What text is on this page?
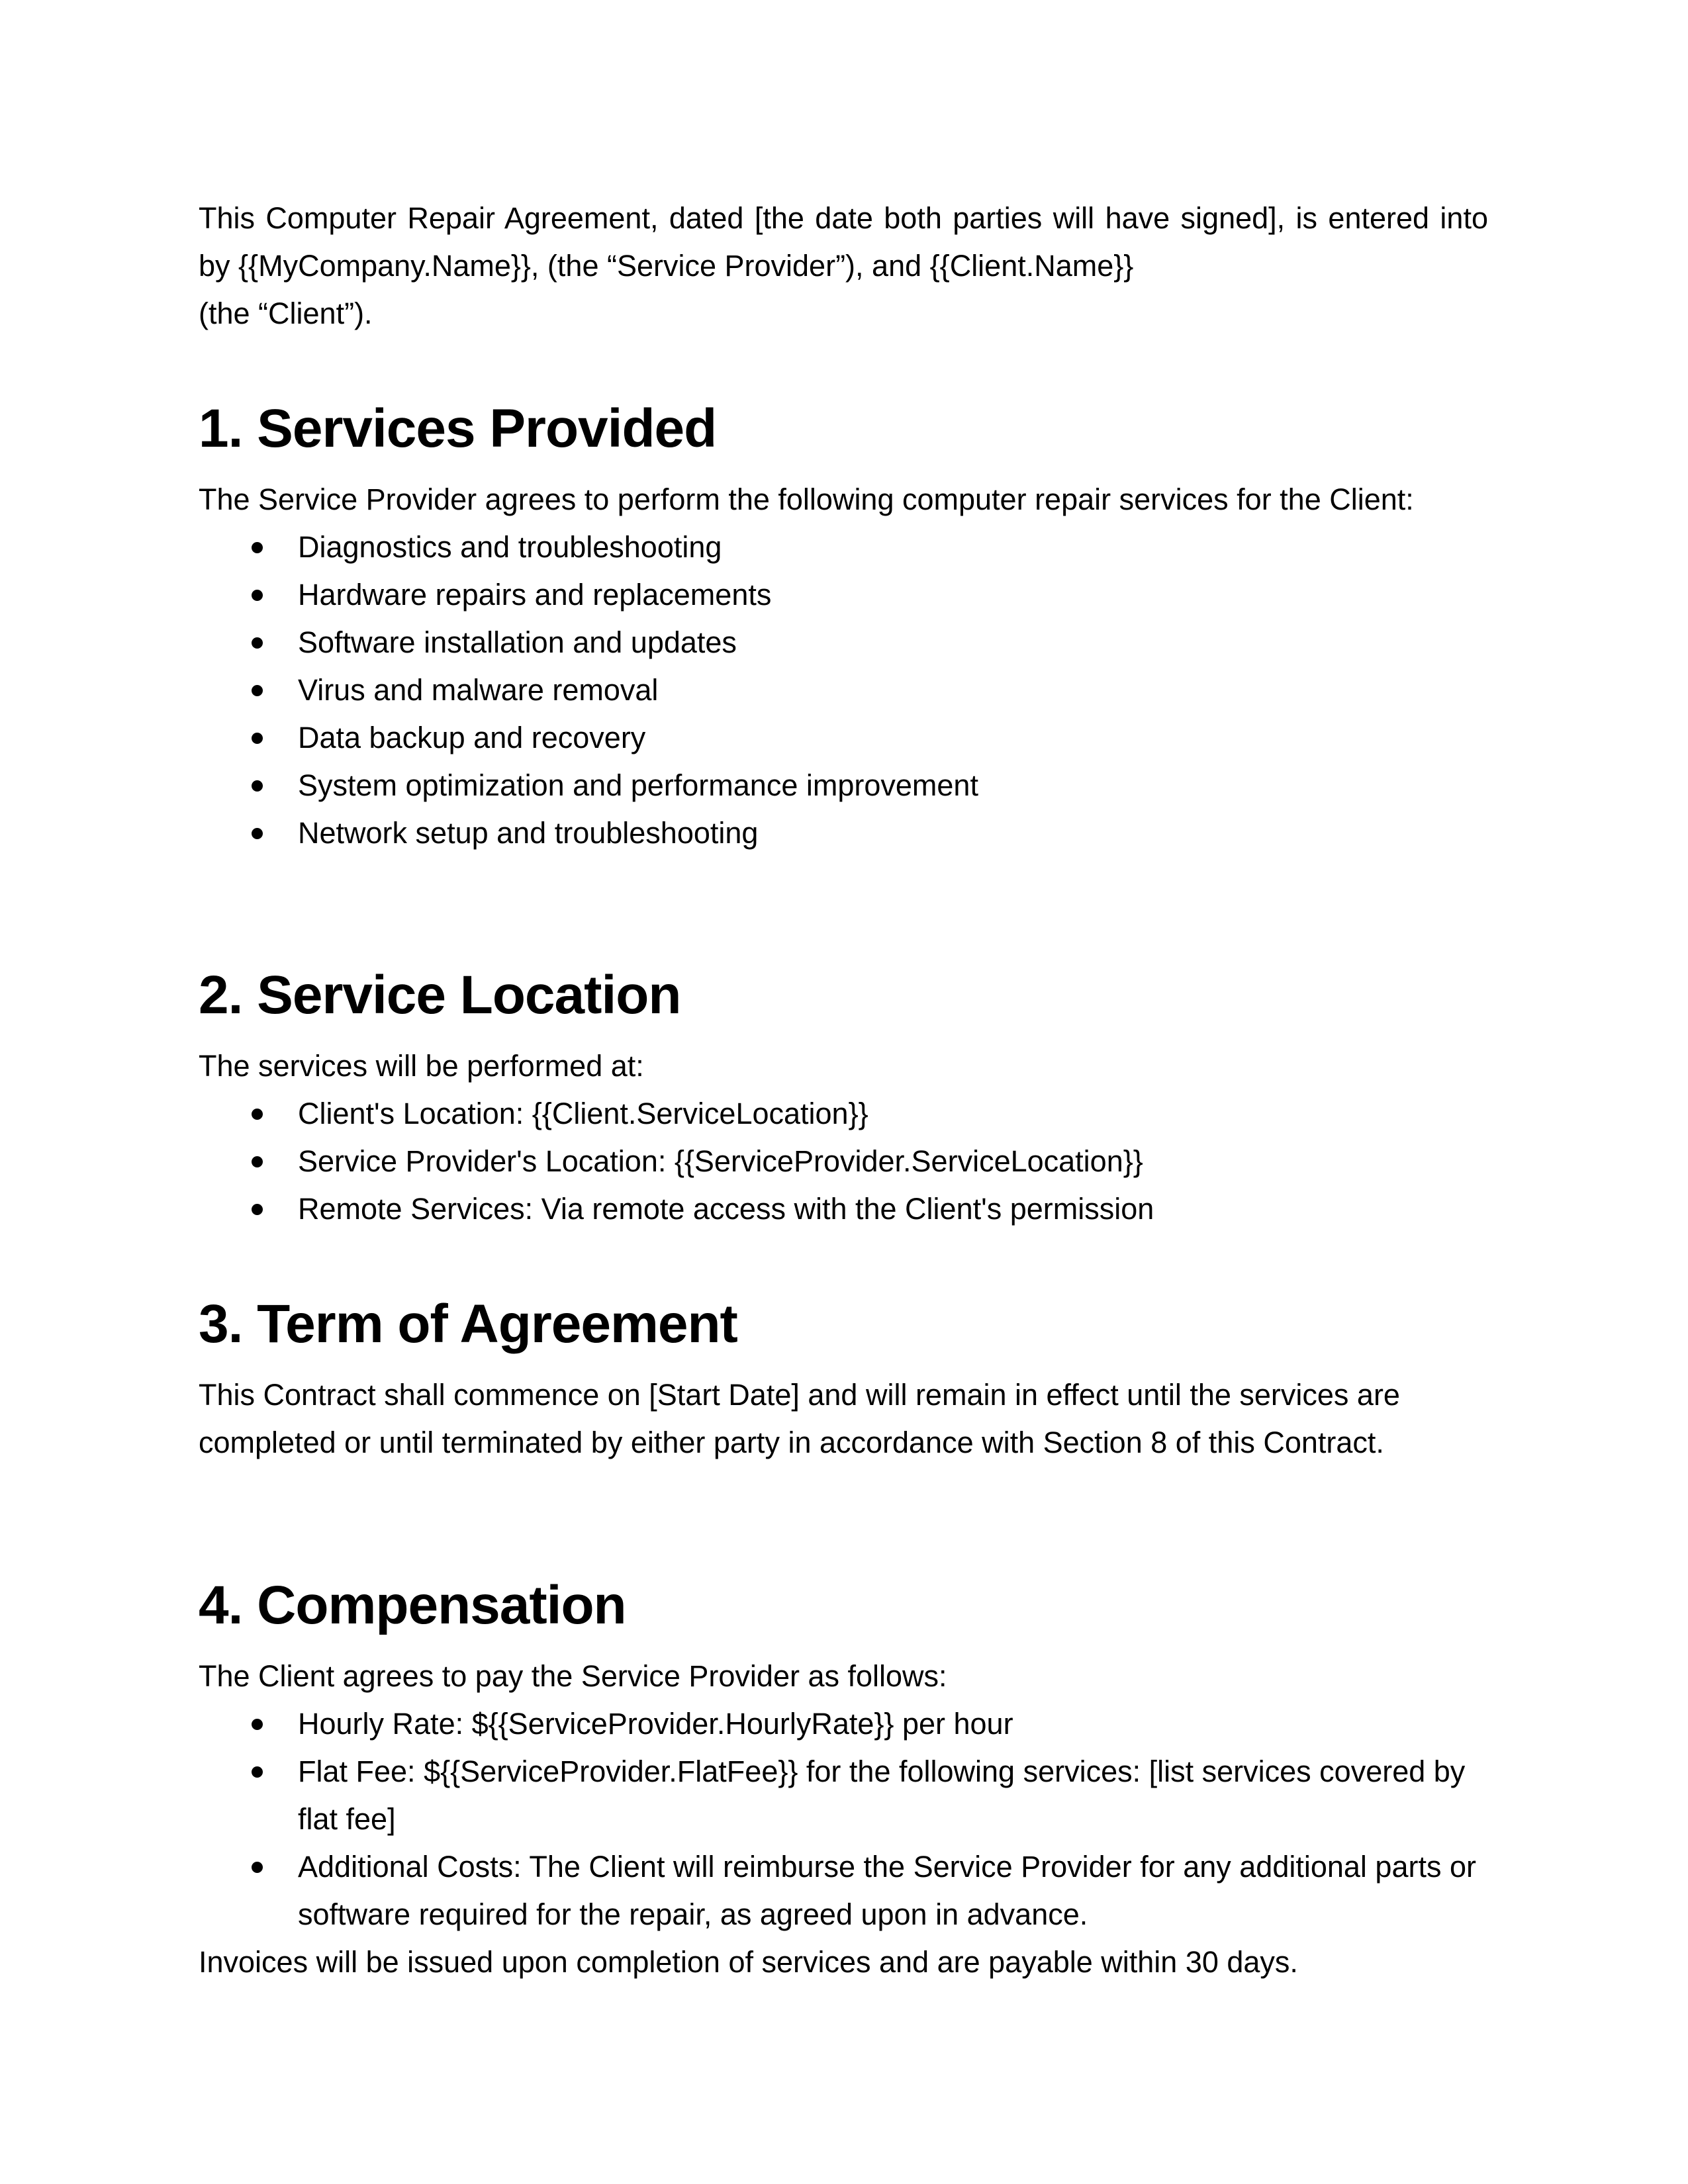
This Computer Repair Agreement, dated [the date both parties will have signed], is entered into by {{MyCompany.Name}}, (the “Service Provider”), and {{Client.Name}}

(the “Client”).

1. Services Provided

The Service Provider agrees to perform the following computer repair services for the Client:

Diagnostics and troubleshooting
Hardware repairs and replacements
Software installation and updates
Virus and malware removal
Data backup and recovery
System optimization and performance improvement
Network setup and troubleshooting
2. Service Location

The services will be performed at:

Client's Location: {{Client.ServiceLocation}}
Service Provider's Location: {{ServiceProvider.ServiceLocation}}
Remote Services: Via remote access with the Client's permission
3. Term of Agreement

This Contract shall commence on [Start Date] and will remain in effect until the services are completed or until terminated by either party in accordance with Section 8 of this Contract.

4. Compensation

The Client agrees to pay the Service Provider as follows:

Hourly Rate: ${{ServiceProvider.HourlyRate}} per hour
Flat Fee: ${{ServiceProvider.FlatFee}} for the following services: [list services covered by flat fee]
Additional Costs: The Client will reimburse the Service Provider for any additional parts or software required for the repair, as agreed upon in advance.

Invoices will be issued upon completion of services and are payable within 30 days.
